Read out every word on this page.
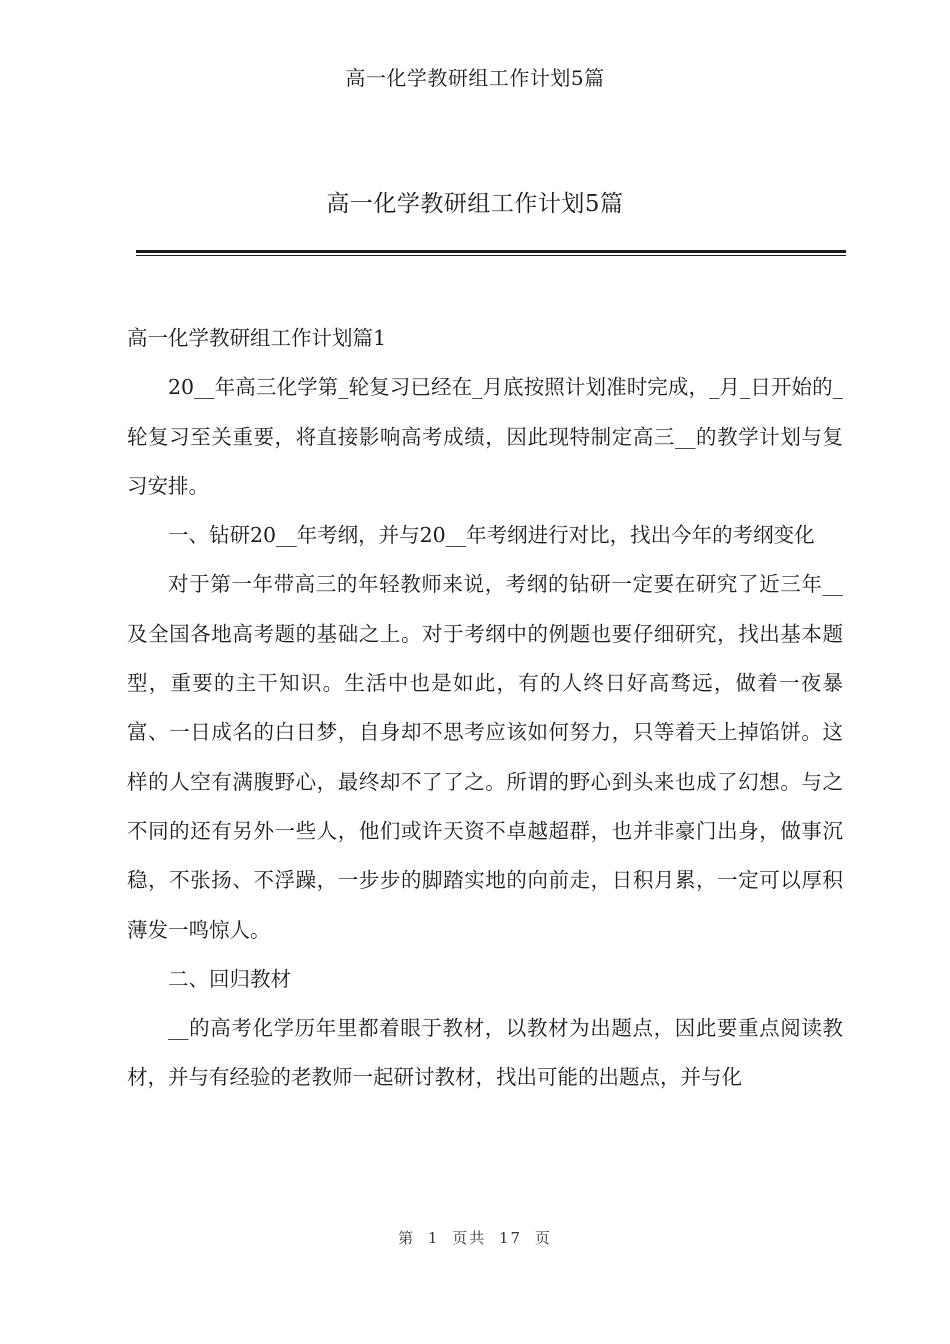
高一化学教研组工作计划5篇
高一化学教研组工作计划5篇

高一化学教研组工作计划篇1

20__年高三化学第_轮复习已经在_月底按照计划准时完成，_月_日开始的_轮复习至关重要，将直接影响高考成绩，因此现特制定高三__的教学计划与复习安排。

一、钻研20__年考纲，并与20__年考纲进行对比，找出今年的考纲变化

对于第一年带高三的年轻教师来说，考纲的钻研一定要在研究了近三年__及全国各地高考题的基础之上。对于考纲中的例题也要仔细研究，找出基本题型，重要的主干知识。生活中也是如此，有的人终日好高骛远，做着一夜暴富、一日成名的白日梦，自身却不思考应该如何努力，只等着天上掉馅饼。这样的人空有满腹野心，最终却不了了之。所谓的野心到头来也成了幻想。与之不同的还有另外一些人，他们或许天资不卓越超群，也并非豪门出身，做事沉稳，不张扬、不浮躁，一步步的脚踏实地的向前走，日积月累，一定可以厚积薄发一鸣惊人。

二、回归教材

__的高考化学历年里都着眼于教材，以教材为出题点，因此要重点阅读教材，并与有经验的老教师一起研讨教材，找出可能的出题点，并与化

第 1 页共 17 页
